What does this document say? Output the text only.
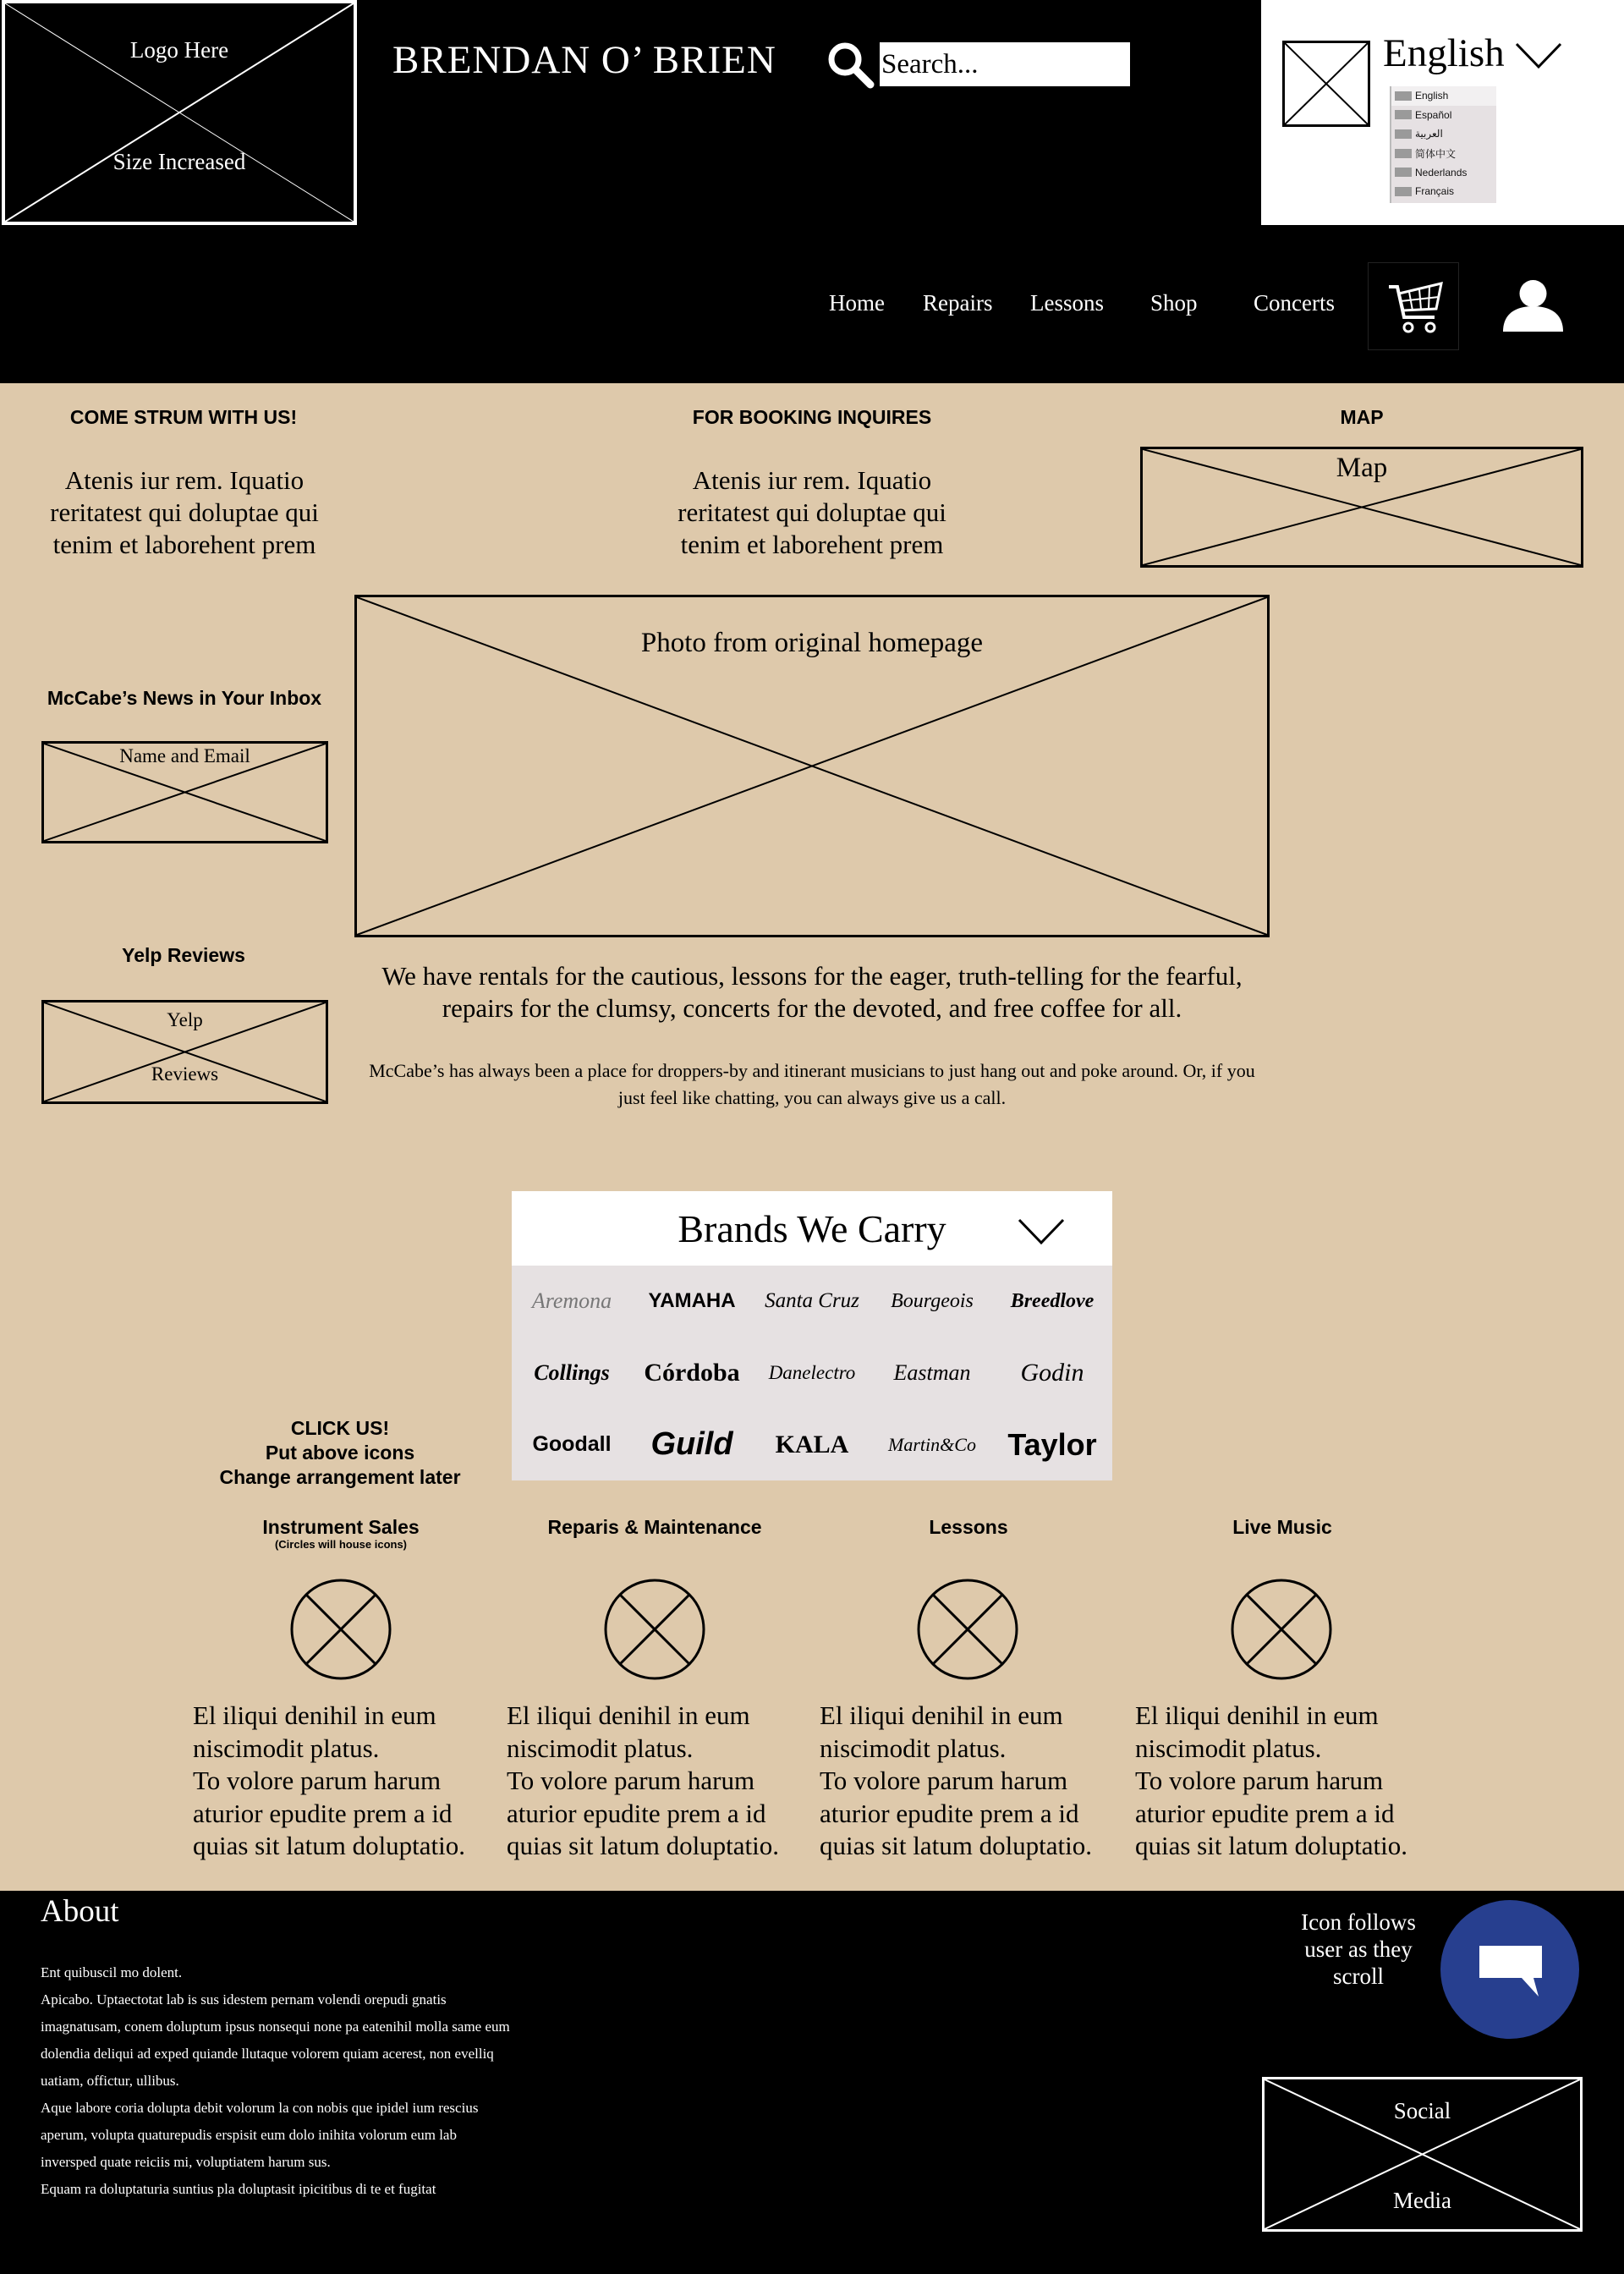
Logo Here
Size Increased
BRENDAN O’ BRIEN
Search...	English
English
Español
العربية
简体中文
Nederlands
Français
Home Repairs Lessons Shop Concerts
COME STRUM WITH US!
Atenis iur rem. Iquatio reritatest qui doluptae qui tenim et laborehent prem
FOR BOOKING INQUIRES
Atenis iur rem. Iquatio reritatest qui doluptae qui tenim et laborehent prem
MAP
Map
Photo from original homepage
McCabe’s News in Your Inbox
Name and Email
We have rentals for the cautious, lessons for the eager, truth-telling for the fearful, repairs for the clumsy, concerts for the devoted, and free coffee for all.
McCabe’s has always been a place for droppers-by and itinerant musicians to just hang out and poke around. Or, if you just feel like chatting, you can always give us a call.
Yelp Reviews
Yelp
Reviews
Brands We Carry
Aremona	YAMAHA	Santa Cruz	Bourgeois	Breedlove
Collings	Córdoba	Danelectro	Eastman	Godin
Goodall	Guild	KALA	Martin&Co	Taylor
CLICK US!
Put above icons
Change arrangement later
Instrument Sales
(Circles will house icons)
Reparis & Maintenance	Lessons	Live Music
El iliqui denihil in eum niscimodit platus.
To volore parum harum aturior epudite prem a id quias sit latum doluptatio.
El iliqui denihil in eum niscimodit platus.
To volore parum harum aturior epudite prem a id quias sit latum doluptatio.
El iliqui denihil in eum niscimodit platus.
To volore parum harum aturior epudite prem a id quias sit latum doluptatio.
El iliqui denihil in eum niscimodit platus.
To volore parum harum aturior epudite prem a id quias sit latum doluptatio.
About

Ent quibuscil mo dolent.

Apicabo. Uptaectotat lab is sus idestem pernam volendi orepudi gnatis imagnatusam, conem doluptum ipsus nonsequi none pa eatenihil molla same eum dolendia deliqui ad exped quiande llutaque volorem quiam acerest, non evelliq uatiam, offictur, ullibus.

Aque labore coria dolupta debit volorum la con nobis que ipidel ium rescius aperum, volupta quaturepudis erspisit eum dolo inihita volorum eum lab inversped quate reiciis mi, voluptiatem harum sus.

Equam ra doluptaturia suntius pla doluptasit ipicitibus di te et fugitat

Icon follows user as they scroll
Social
Media
